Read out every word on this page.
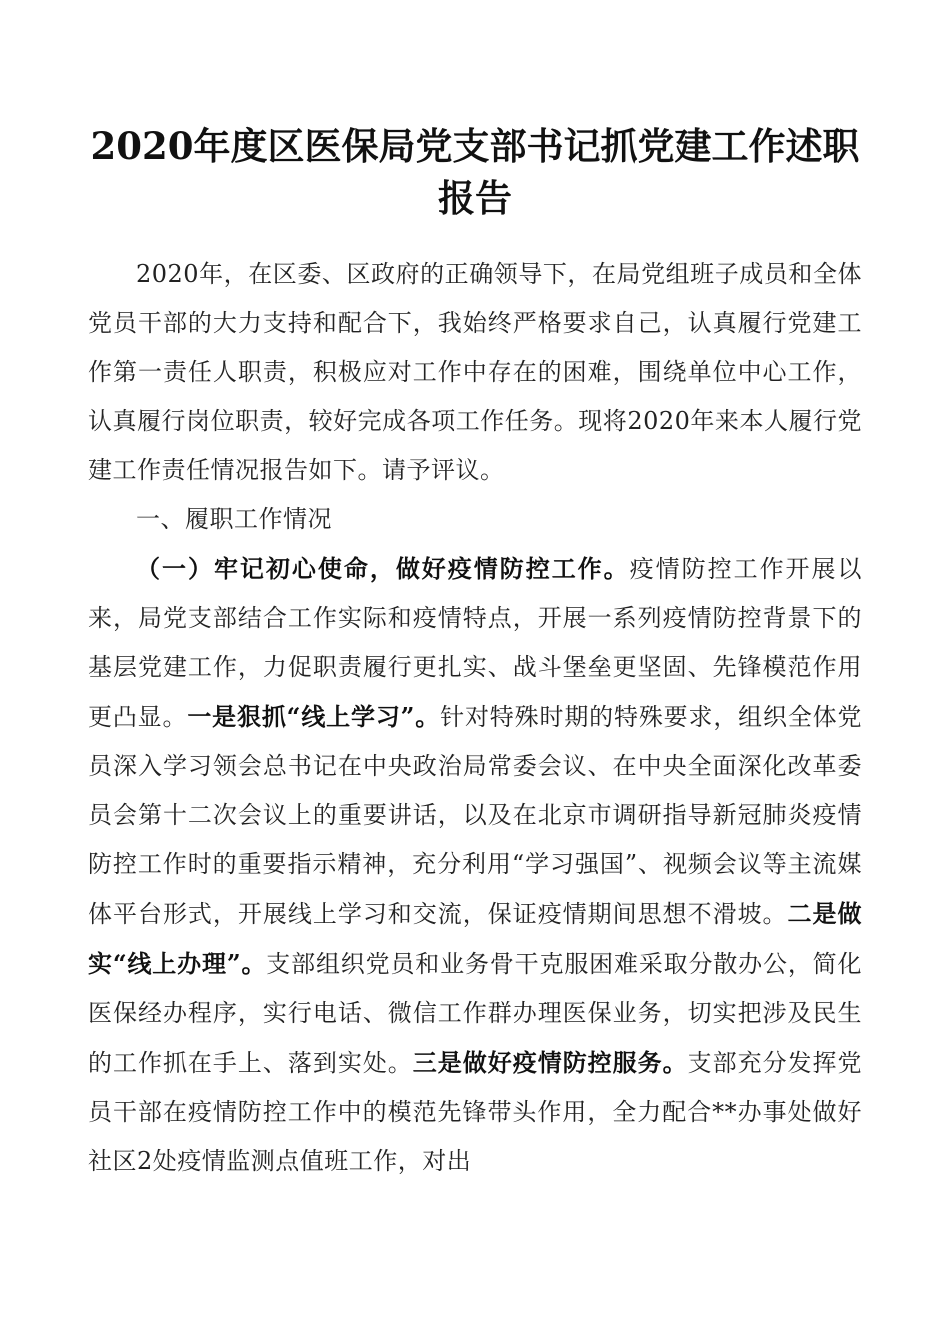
2020年度区医保局党支部书记抓党建工作述职报告

2020年，在区委、区政府的正确领导下，在局党组班子成员和全体党员干部的大力支持和配合下，我始终严格要求自己，认真履行党建工作第一责任人职责，积极应对工作中存在的困难，围绕单位中心工作，认真履行岗位职责，较好完成各项工作任务。现将2020年来本人履行党建工作责任情况报告如下。请予评议。

一、履职工作情况

（一）牢记初心使命，做好疫情防控工作。疫情防控工作开展以来，局党支部结合工作实际和疫情特点，开展一系列疫情防控背景下的基层党建工作，力促职责履行更扎实、战斗堡垒更坚固、先锋模范作用更凸显。一是狠抓“线上学习”。针对特殊时期的特殊要求，组织全体党员深入学习领会总书记在中央政治局常委会议、在中央全面深化改革委员会第十二次会议上的重要讲话，以及在北京市调研指导新冠肺炎疫情防控工作时的重要指示精神，充分利用“学习强国”、视频会议等主流媒体平台形式，开展线上学习和交流，保证疫情期间思想不滑坡。二是做实“线上办理”。支部组织党员和业务骨干克服困难采取分散办公，简化医保经办程序，实行电话、微信工作群办理医保业务，切实把涉及民生的工作抓在手上、落到实处。三是做好疫情防控服务。支部充分发挥党员干部在疫情防控工作中的模范先锋带头作用，全力配合**办事处做好社区2处疫情监测点值班工作，对出
